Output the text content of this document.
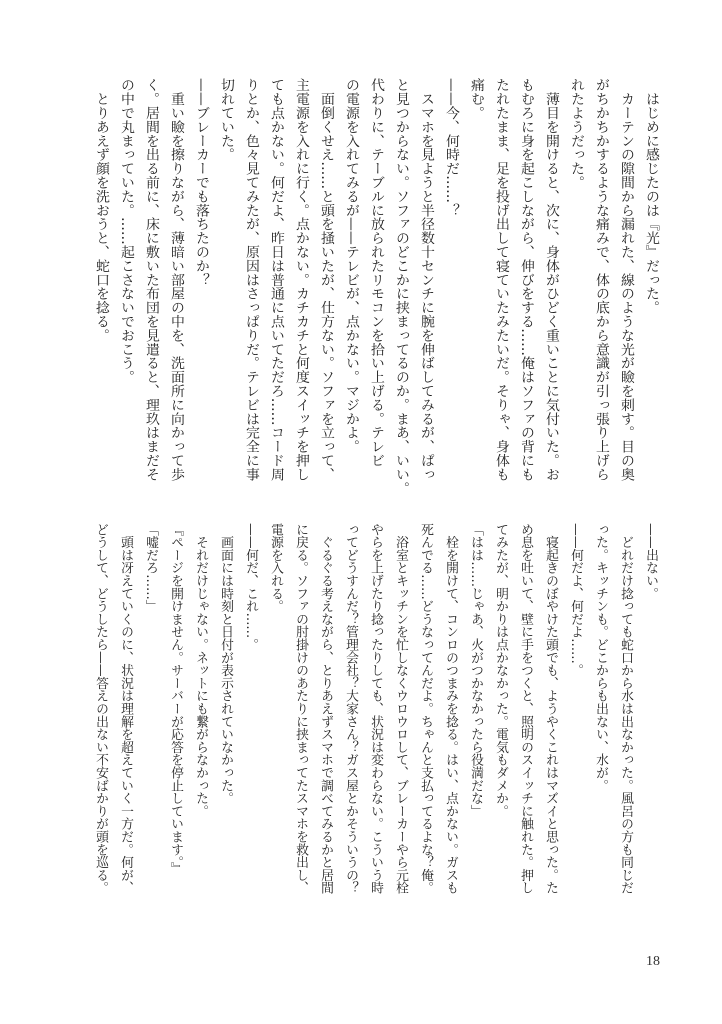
　はじめに感じたのは『光』だった。
　カーテンの隙間から漏れた、線のような光が瞼を刺す。目の奥
がちかちかするような痛みで、体の底から意識が引っ張り上げら
れたようだった。
　薄目を開けると、次に、身体がひどく重いことに気付いた。お
もむろに身を起こしながら、伸びをする……俺はソファの背にも
たれたまま、足を投げ出して寝ていたみたいだ。そりゃ、身体も
痛む。
——今、何時だ……？
　スマホを見ようと半径数十センチに腕を伸ばしてみるが、ぱっ
と見つからない。ソファのどこかに挟まってるのか。まあ、いい。
代わりに、テーブルに放られたリモコンを拾い上げる。テレビ
の電源を入れてみるが——テレビが、点かない。マジかよ。
　面倒くせえ……と頭を掻いたが、仕方ない。ソファを立って、
主電源を入れに行く。点かない。カチカチと何度スイッチを押し
ても点かない。何だよ、昨日は普通に点いてただろ……コード周
りとか、色々見てみたが、原因はさっぱりだ。テレビは完全に事
切れていた。
——ブレーカーでも落ちたのか？
　重い瞼を擦りながら、薄暗い部屋の中を、洗面所に向かって歩
く。居間を出る前に、床に敷いた布団を見遣ると、理玖はまだそ
の中で丸まっていた。……起こさないでおこう。
　とりあえず顔を洗おうと、蛇口を捻る。
——出ない。
　どれだけ捻っても蛇口から水は出なかった。風呂の方も同じだ
った。キッチンも。どこからも出ない、水が。
——何だよ、何だよ……。
　寝起きのぼやけた頭でも、ようやくこれはマズイと思った。た
め息を吐いて、壁に手をつくと、照明のスイッチに触れた。押し
てみたが、明かりは点かなかった。電気もダメか。
「はは……じゃあ、火がつかなかったら役満だな」
　栓を開けて、コンロのつまみを捻る。はい、点かない。ガスも
死んでる……どうなってんだよ。ちゃんと支払ってるよな？俺。
　浴室とキッチンを忙しなくウロウロして、ブレーカーやら元栓
やらを上げたり捻ったりしても、状況は変わらない。こういう時
ってどうすんだ？管理会社？大家さん？ガス屋とかそういうの？
　ぐるぐる考えながら、とりあえずスマホで調べてみるかと居間
に戻る。ソファの肘掛けのあたりに挟まってたスマホを救出し、
電源を入れる。
——何だ、これ……。
　画面には時刻と日付が表示されていなかった。
　それだけじゃない。ネットにも繋がらなかった。
『ページを開けません。サーバーが応答を停止しています。』
「嘘だろ……」
　頭は冴えていくのに、状況は理解を超えていく一方だ。何が、
どうして、どうしたら——答えの出ない不安ばかりが頭を巡る。
18
